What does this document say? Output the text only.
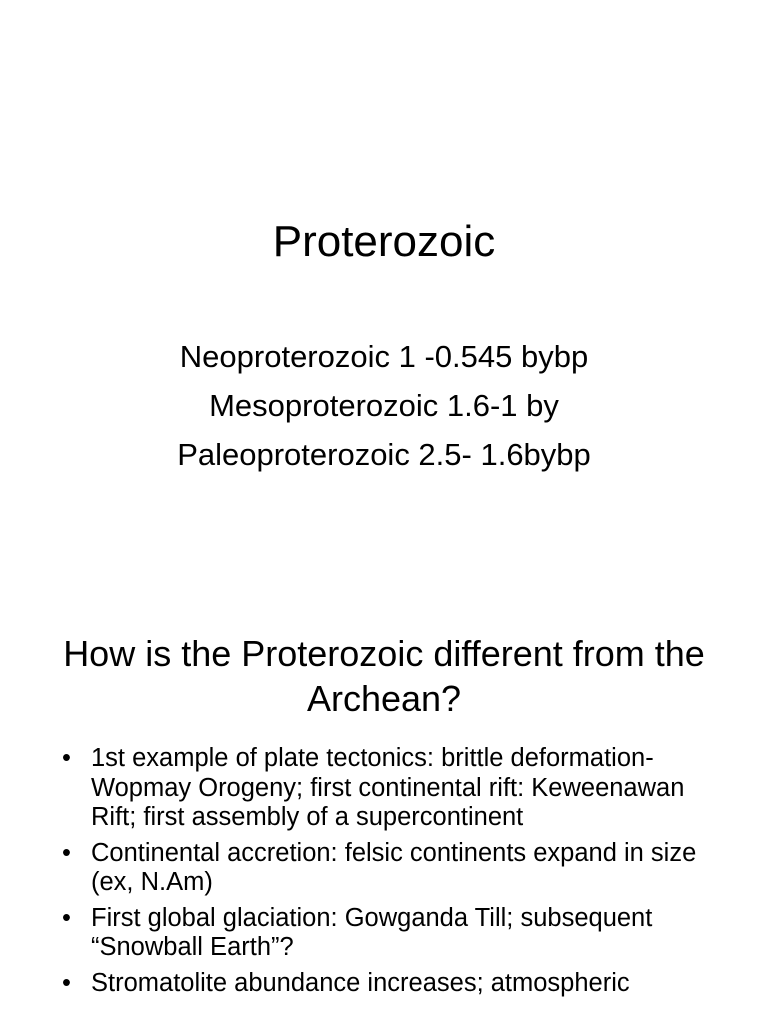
Proterozoic
Neoproterozoic 1 -0.545 bybp
Mesoproterozoic 1.6-1 by
Paleoproterozoic 2.5- 1.6bybp
How is the Proterozoic different from the Archean?
• 1st example of plate tectonics: brittle deformation- Wopmay Orogeny; first continental rift: Keweenawan Rift; first assembly of a supercontinent
• Continental accretion: felsic continents expand in size (ex, N.Am)
• First global glaciation: Gowganda Till; subsequent “Snowball Earth”?
• Stromatolite abundance increases; atmospheric
